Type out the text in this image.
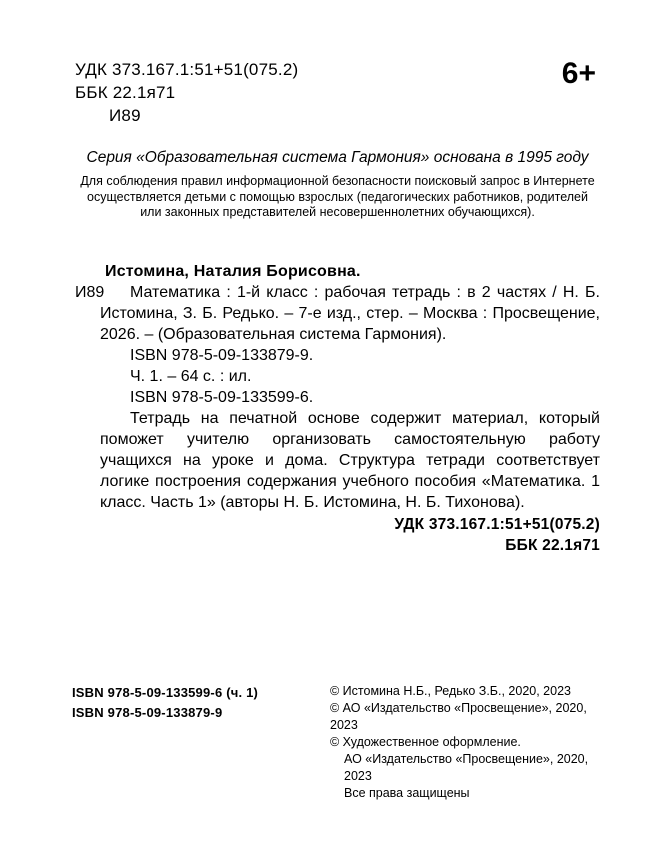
УДК 373.167.1:51+51(075.2)
ББК 22.1я71
И89
6+
Серия «Образовательная система Гармония» основана в 1995 году
Для соблюдения правил информационной безопасности поисковый запрос в Интернете осуществляется детьми с помощью взрослых (педагогических работников, родителей или законных представителей несовершеннолетних обучающихся).

Истомина, Наталия Борисовна.

И89 Математика : 1-й класс : рабочая тетрадь : в 2 частях / Н. Б. Истомина, З. Б. Редько. – 7-е изд., стер. – Москва : Просвещение, 2026. – (Образовательная система Гармония).

ISBN 978-5-09-133879-9.

Ч. 1. – 64 с. : ил.

ISBN 978-5-09-133599-6.

Тетрадь на печатной основе содержит материал, который поможет учителю организовать самостоятельную работу учащихся на уроке и дома. Структура тетради соответствует логике построения содержания учебного пособия «Математика. 1 класс. Часть 1» (авторы Н. Б. Истомина, Н. Б. Тихонова).

УДК 373.167.1:51+51(075.2)
ББК 22.1я71
ISBN 978-5-09-133599-6 (ч. 1)
ISBN 978-5-09-133879-9
© Истомина Н.Б., Редько З.Б., 2020, 2023
© АО «Издательство «Просвещение», 2020, 2023
© Художественное оформление.
АО «Издательство «Просвещение», 2020, 2023
Все права защищены
